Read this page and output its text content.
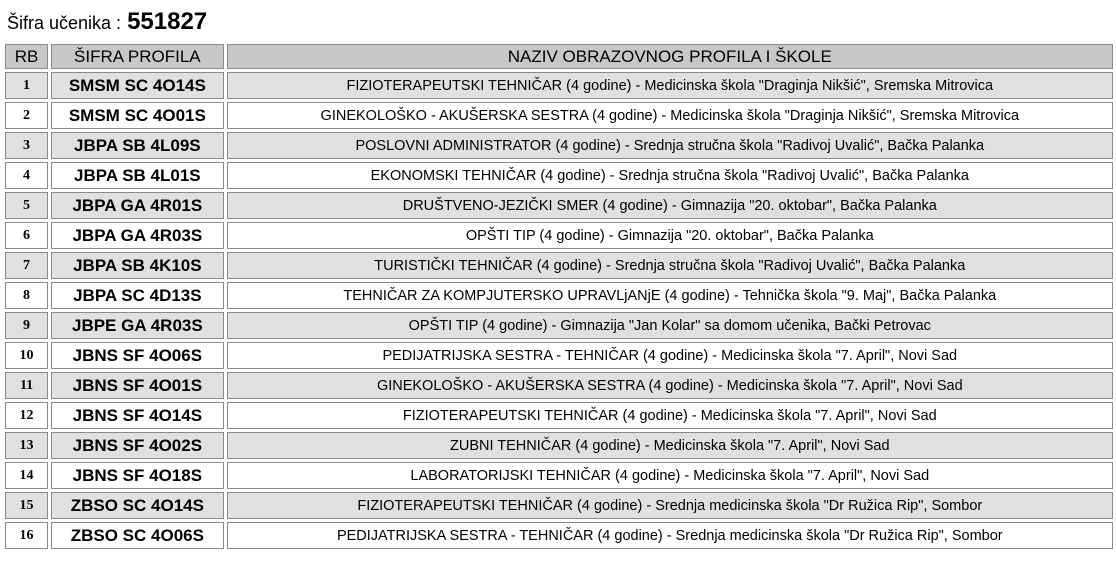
Šifra učenika : 551827
RB	ŠIFRA PROFILA	NAZIV OBRAZOVNOG PROFILA I ŠKOLE
1	SMSM SC 4O14S	FIZIOTERAPEUTSKI TEHNIČAR (4 godine) - Medicinska škola "Draginja Nikšić", Sremska Mitrovica
2	SMSM SC 4O01S	GINEKOLOŠKO - AKUŠERSKA SESTRA (4 godine) - Medicinska škola "Draginja Nikšić", Sremska Mitrovica
3	JBPA SB 4L09S	POSLOVNI ADMINISTRATOR (4 godine) - Srednja stručna škola "Radivoj Uvalić", Bačka Palanka
4	JBPA SB 4L01S	EKONOMSKI TEHNIČAR (4 godine) - Srednja stručna škola "Radivoj Uvalić", Bačka Palanka
5	JBPA GA 4R01S	DRUŠTVENO-JEZIČKI SMER (4 godine) - Gimnazija "20. oktobar", Bačka Palanka
6	JBPA GA 4R03S	OPŠTI TIP (4 godine) - Gimnazija "20. oktobar", Bačka Palanka
7	JBPA SB 4K10S	TURISTIČKI TEHNIČAR (4 godine) - Srednja stručna škola "Radivoj Uvalić", Bačka Palanka
8	JBPA SC 4D13S	TEHNIČAR ZA KOMPJUTERSKO UPRAVLjANjE (4 godine) - Tehnička škola "9. Maj", Bačka Palanka
9	JBPE GA 4R03S	OPŠTI TIP (4 godine) - Gimnazija "Jan Kolar" sa domom učenika, Bački Petrovac
10	JBNS SF 4O06S	PEDIJATRIJSKA SESTRA - TEHNIČAR (4 godine) - Medicinska škola "7. April", Novi Sad
11	JBNS SF 4O01S	GINEKOLOŠKO - AKUŠERSKA SESTRA (4 godine) - Medicinska škola "7. April", Novi Sad
12	JBNS SF 4O14S	FIZIOTERAPEUTSKI TEHNIČAR (4 godine) - Medicinska škola "7. April", Novi Sad
13	JBNS SF 4O02S	ZUBNI TEHNIČAR (4 godine) - Medicinska škola "7. April", Novi Sad
14	JBNS SF 4O18S	LABORATORIJSKI TEHNIČAR (4 godine) - Medicinska škola "7. April", Novi Sad
15	ZBSO SC 4O14S	FIZIOTERAPEUTSKI TEHNIČAR (4 godine) - Srednja medicinska škola "Dr Ružica Rip", Sombor
16	ZBSO SC 4O06S	PEDIJATRIJSKA SESTRA - TEHNIČAR (4 godine) - Srednja medicinska škola "Dr Ružica Rip", Sombor
